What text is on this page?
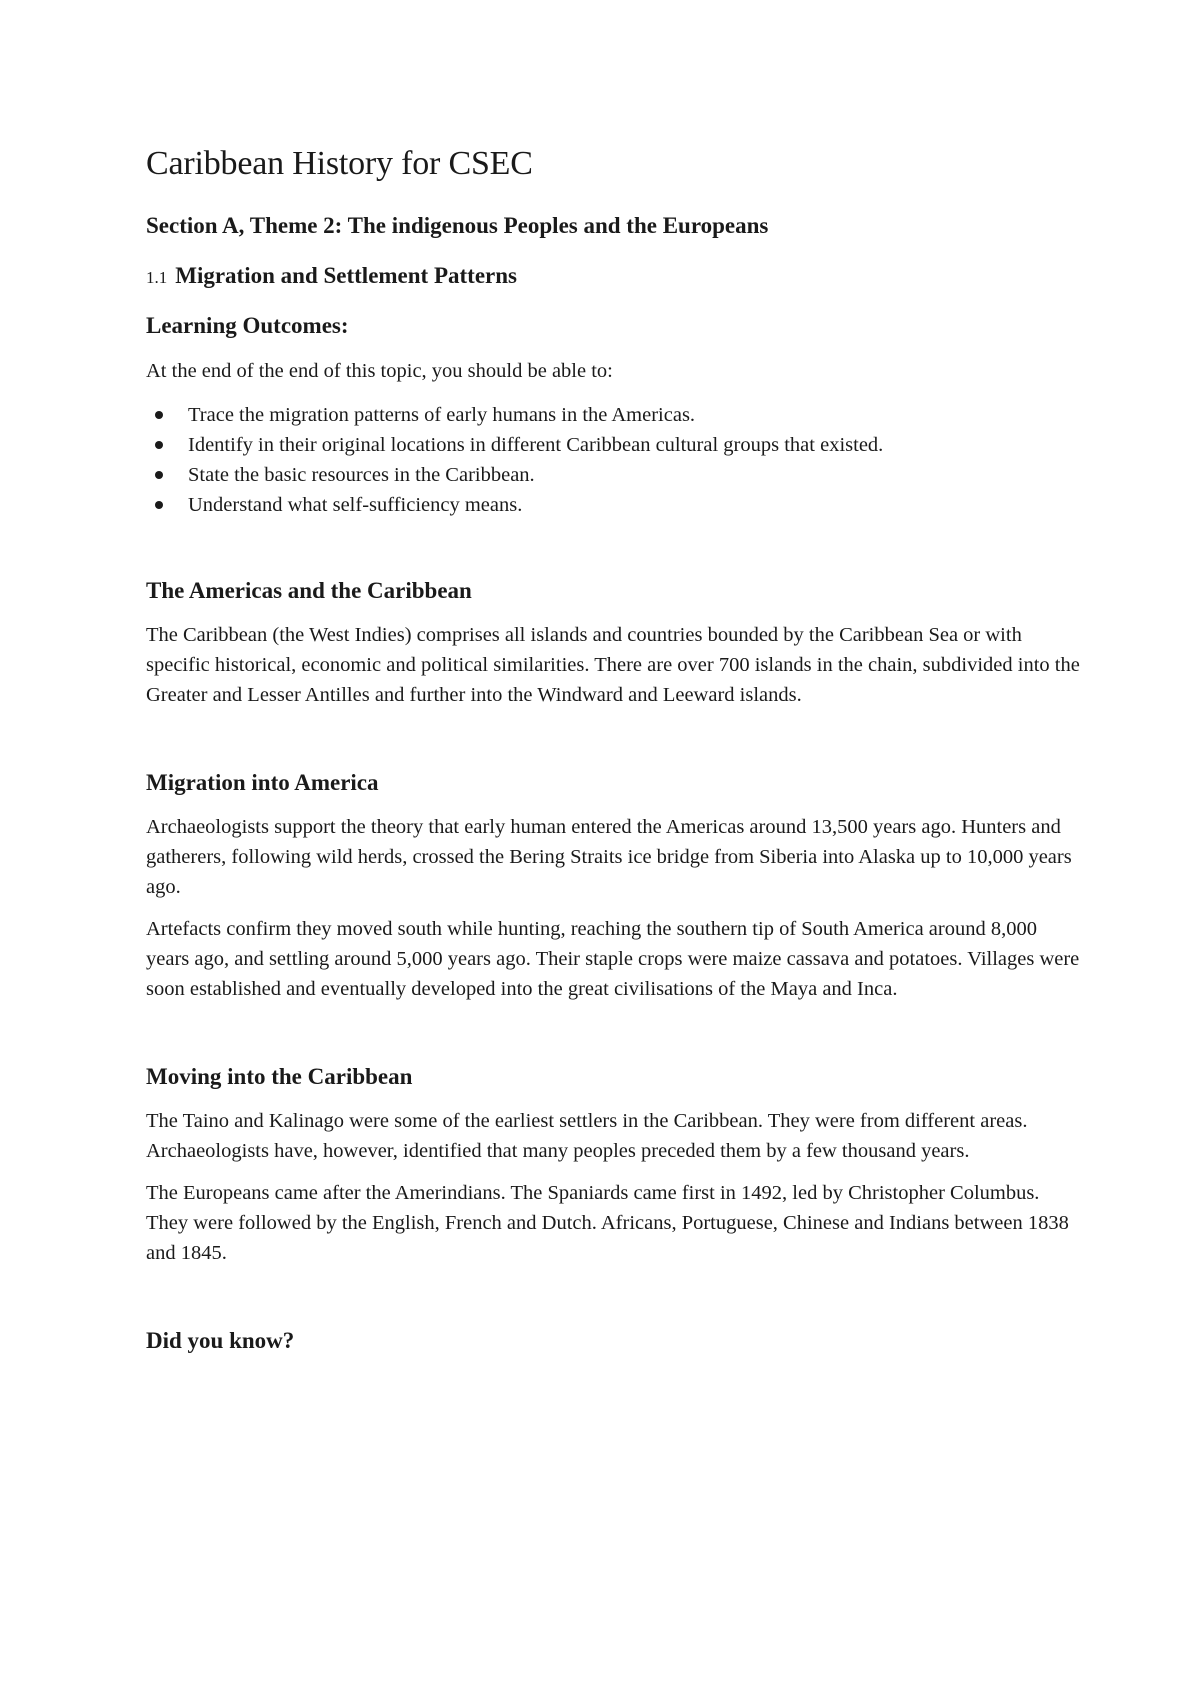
Caribbean History for CSEC
Section A, Theme 2: The indigenous Peoples and the Europeans
1.1 Migration and Settlement Patterns
Learning Outcomes:

At the end of the end of this topic, you should be able to:

Trace the migration patterns of early humans in the Americas.
Identify in their original locations in different Caribbean cultural groups that existed.
State the basic resources in the Caribbean.
Understand what self-sufficiency means.
The Americas and the Caribbean

The Caribbean (the West Indies) comprises all islands and countries bounded by the Caribbean Sea or with specific historical, economic and political similarities. There are over 700 islands in the chain, subdivided into the Greater and Lesser Antilles and further into the Windward and Leeward islands.

Migration into America

Archaeologists support the theory that early human entered the Americas around 13,500 years ago. Hunters and gatherers, following wild herds, crossed the Bering Straits ice bridge from Siberia into Alaska up to 10,000 years ago.

Artefacts confirm they moved south while hunting, reaching the southern tip of South America around 8,000 years ago, and settling around 5,000 years ago. Their staple crops were maize cassava and potatoes. Villages were soon established and eventually developed into the great civilisations of the Maya and Inca.

Moving into the Caribbean

The Taino and Kalinago were some of the earliest settlers in the Caribbean. They were from different areas. Archaeologists have, however, identified that many peoples preceded them by a few thousand years.

The Europeans came after the Amerindians. The Spaniards came first in 1492, led by Christopher Columbus. They were followed by the English, French and Dutch. Africans, Portuguese, Chinese and Indians between 1838 and 1845.

Did you know?
